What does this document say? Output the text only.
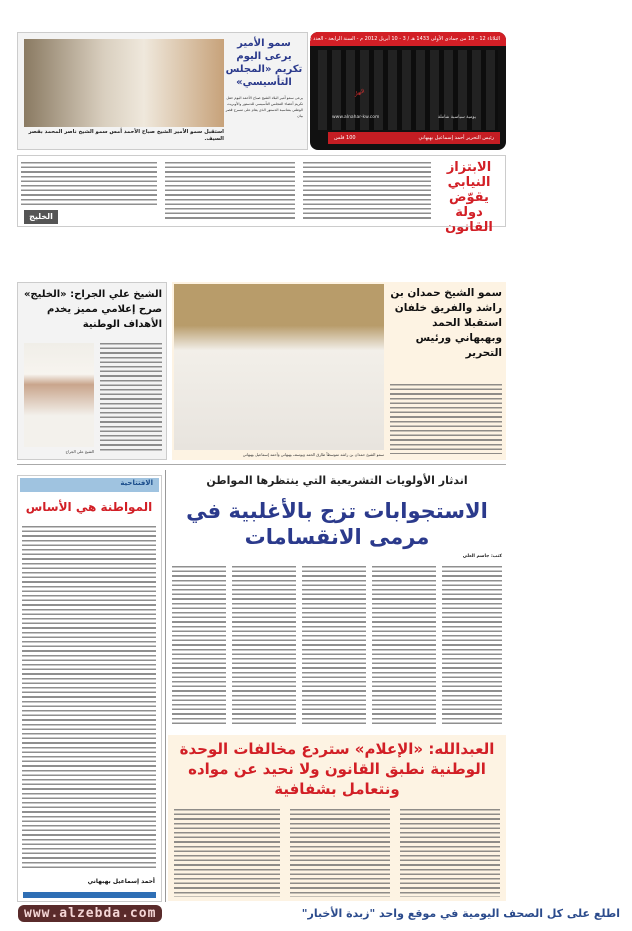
الثلاثاء 12 - 18 من جمادى الأولى 1433 هـ / 3 - 10 أبريل 2012 م - السنة الرابعة - العدد
النهار
يومية سياسية شاملة
www.alnahar-kw.com
رئيس التحرير أحمد إسماعيل بهبهاني
100 فلس
سمو الأمير يرعى اليوم تكريم «المجلس التأسيسي»
يرعى سمو أمير البلاد الشيخ صباح الأحمد اليوم حفل تكريم أعضاء المجلس التأسيسي للدستور والأوبريت الوطني بمناسبة الدستور الذي يقام على مسرح قصر بيان
استقبل سمو الأمير الشيخ صباح الأحمد أمس سمو الشيخ ناصر المحمد بقصر السيف.
الابتزاز النيابي يقوّض دولة القانون
الخليج
سمو الشيخ حمدان بن راشد والفريق خلفان استقبلا الحمد وبهبهاني ورئيس التحرير
سمو الشيخ حمدان بن راشد متوسطاً طارق الحمد ويوسف بهبهاني وأحمد إسماعيل بهبهاني
الشيخ علي الجراح: «الخليج» صرح إعلامي مميز يخدم الأهداف الوطنية
الشيخ علي الجراح
اندثار الأولويات التشريعية التي ينتظرها المواطن
الاستجوابات تزج بالأغلبية في مرمى الانقسامات
كتب: جاسم العلي
الافتتاحية
المواطنة هي الأساس
أحمد إسماعيل بهبهاني
العبدالله: «الإعلام» ستردع مخالفات الوحدة الوطنية نطبق القانون ولا نحيد عن مواده ونتعامل بشفافية
اطلع على كل الصحف اليومية في موقع واحد "زبدة الأخبار"
www.alzebda.com
